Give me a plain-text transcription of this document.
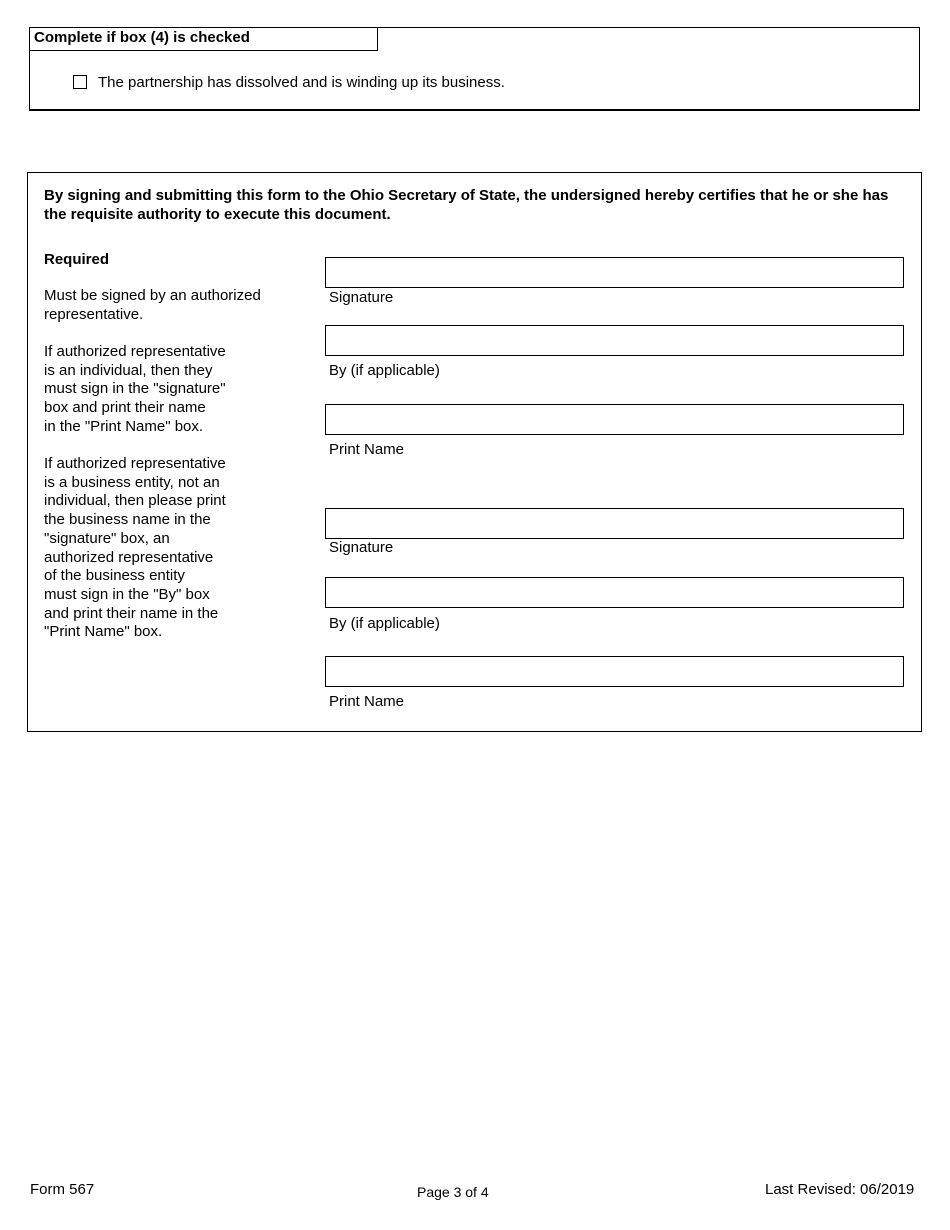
Complete if box (4) is checked
The partnership has dissolved and is winding up its business.
By signing and submitting this form to the Ohio Secretary of State, the undersigned hereby certifies that he or she has the requisite authority to execute this document.
Required
Must be signed by an authorized
representative.
If authorized representative
is an individual, then they
must sign in the "signature"
box and print their name
in the "Print Name" box.
If authorized representative
is a business entity, not an
individual, then please print
the business name in the
"signature" box, an
authorized representative
of the business entity
must sign in the "By" box
and print their name in the
"Print Name" box.
Signature
By (if applicable)
Print Name
Signature
By (if applicable)
Print Name
Form 567	Page 3 of 4	Last Revised: 06/2019
